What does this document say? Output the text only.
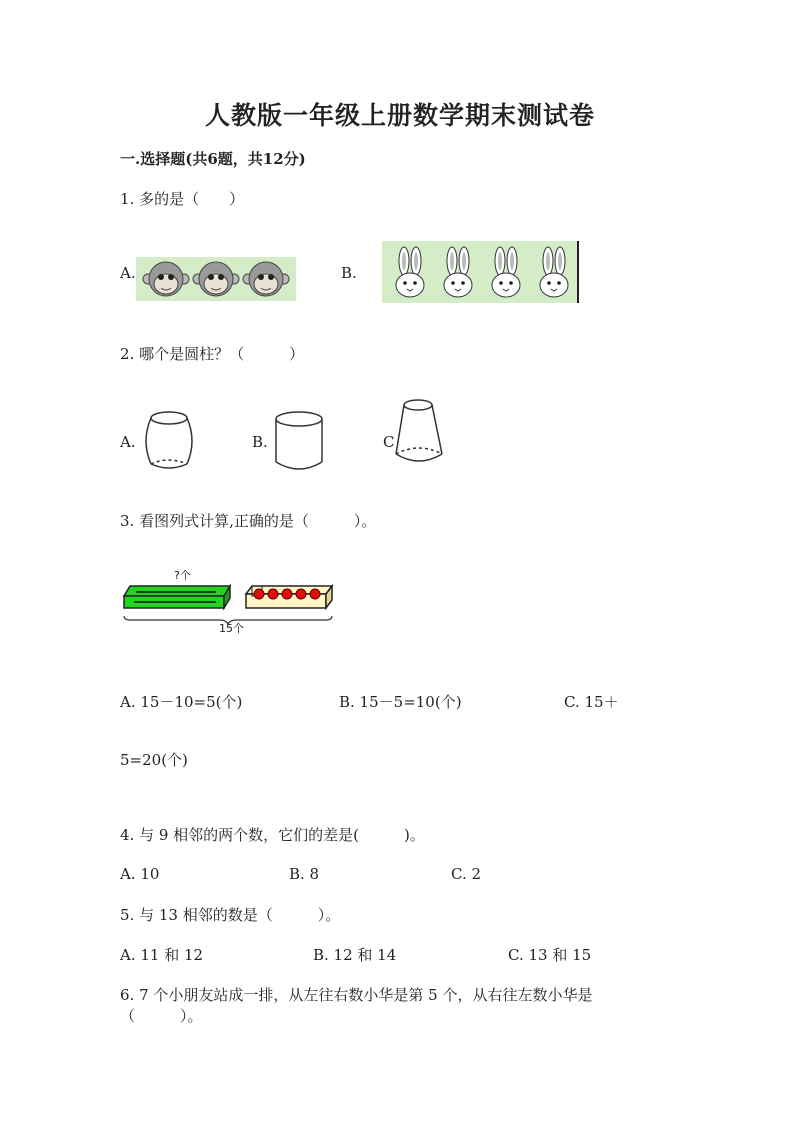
人教版一年级上册数学期末测试卷
一.选择题(共6题，共12分)
1. 多的是（　　）
A.	B.
2. 哪个是圆柱？（　　　）
A.	B.	C
3. 看图列式计算,正确的是（　　　）。
?个
15个
A. 15－10=5(个)	B. 15－5=10(个)	C. 15＋
5=20(个)
4. 与 9 相邻的两个数，它们的差是(　　　)。
A. 10	B. 8	C. 2
5. 与 13 相邻的数是（　　　）。
A. 11 和 12	B. 12 和 14	C. 13 和 15
6. 7 个小朋友站成一排，从左往右数小华是第 5 个，从右往左数小华是
（　　　）。
